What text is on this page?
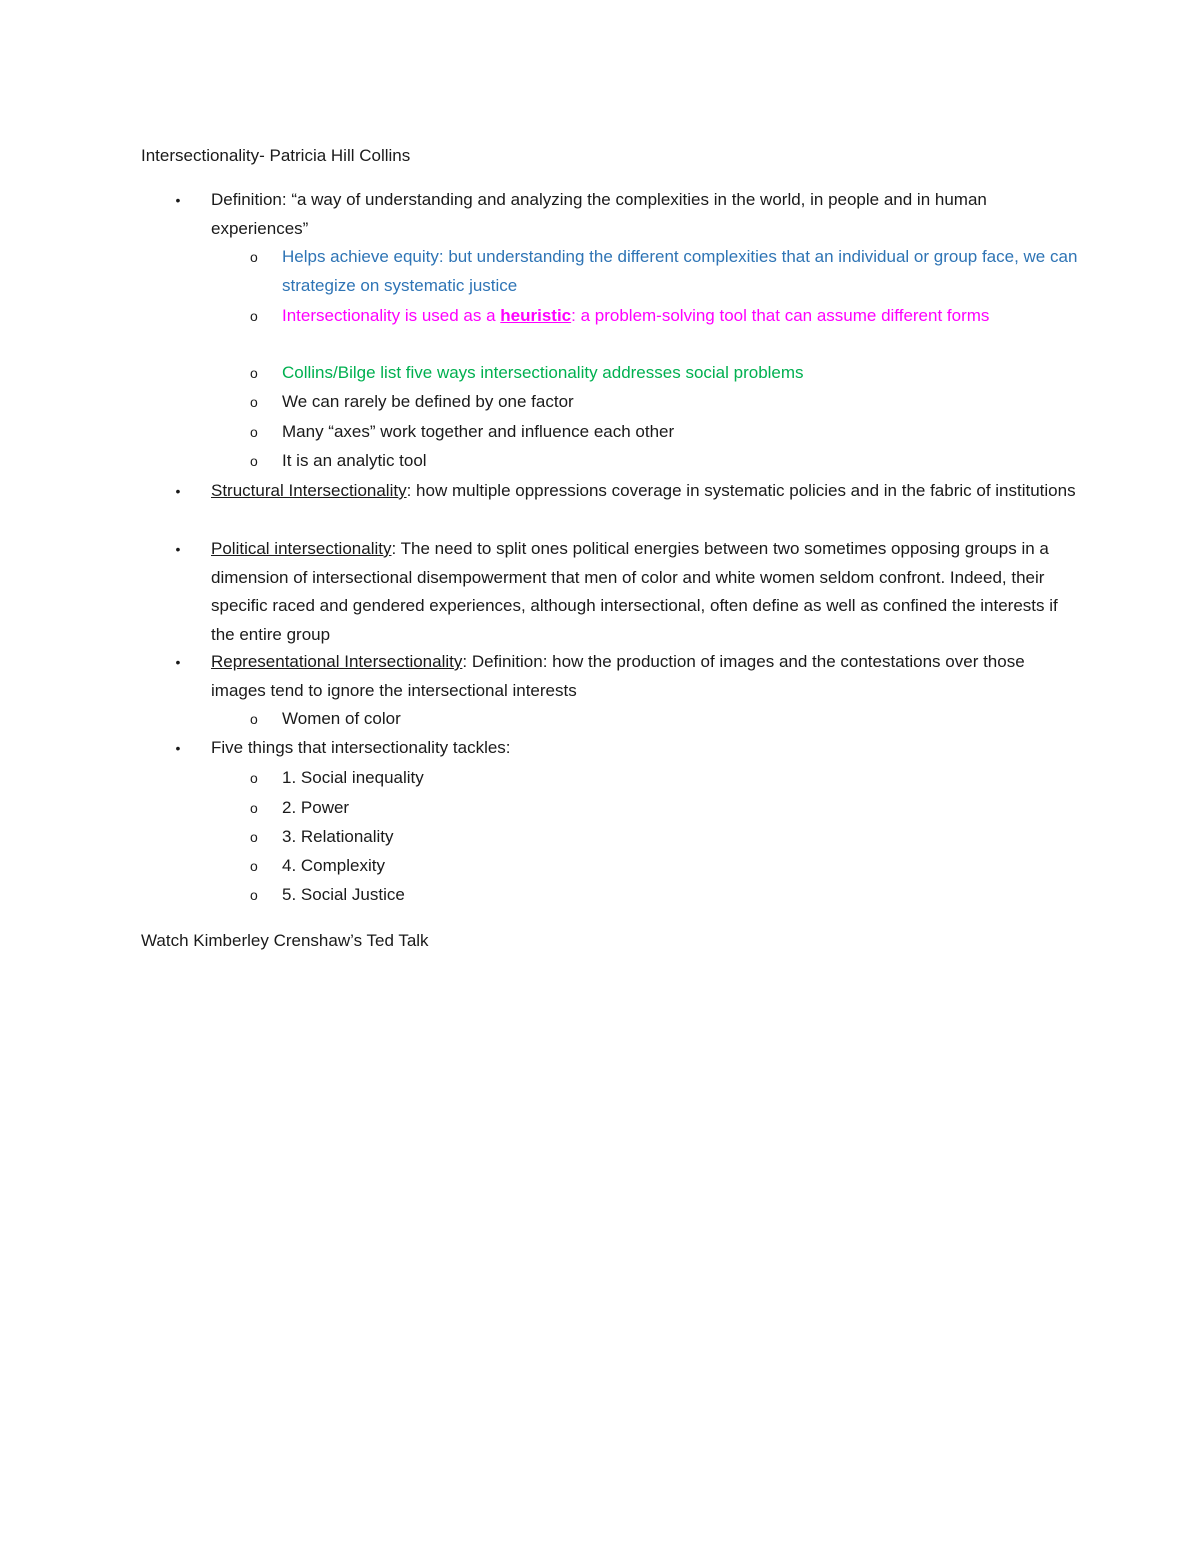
Intersectionality- Patricia Hill Collins
• Definition: “a way of understanding and analyzing the complexities in the world, in people and in human experiences”
o Helps achieve equity: but understanding the different complexities that an individual or group face, we can strategize on systematic justice
o Intersectionality is used as a heuristic: a problem-solving tool that can assume different forms
o Collins/Bilge list five ways intersectionality addresses social problems
o We can rarely be defined by one factor
o Many “axes” work together and influence each other
o It is an analytic tool
• Structural Intersectionality: how multiple oppressions coverage in systematic policies and in the fabric of institutions
• Political intersectionality: The need to split ones political energies between two sometimes opposing groups in a dimension of intersectional disempowerment that men of color and white women seldom confront. Indeed, their specific raced and gendered experiences, although intersectional, often define as well as confined the interests if the entire group
• Representational Intersectionality: Definition: how the production of images and the contestations over those images tend to ignore the intersectional interests
o Women of color
• Five things that intersectionality tackles:
o 1. Social inequality
o 2. Power
o 3. Relationality
o 4. Complexity
o 5. Social Justice
Watch Kimberley Crenshaw’s Ted Talk
